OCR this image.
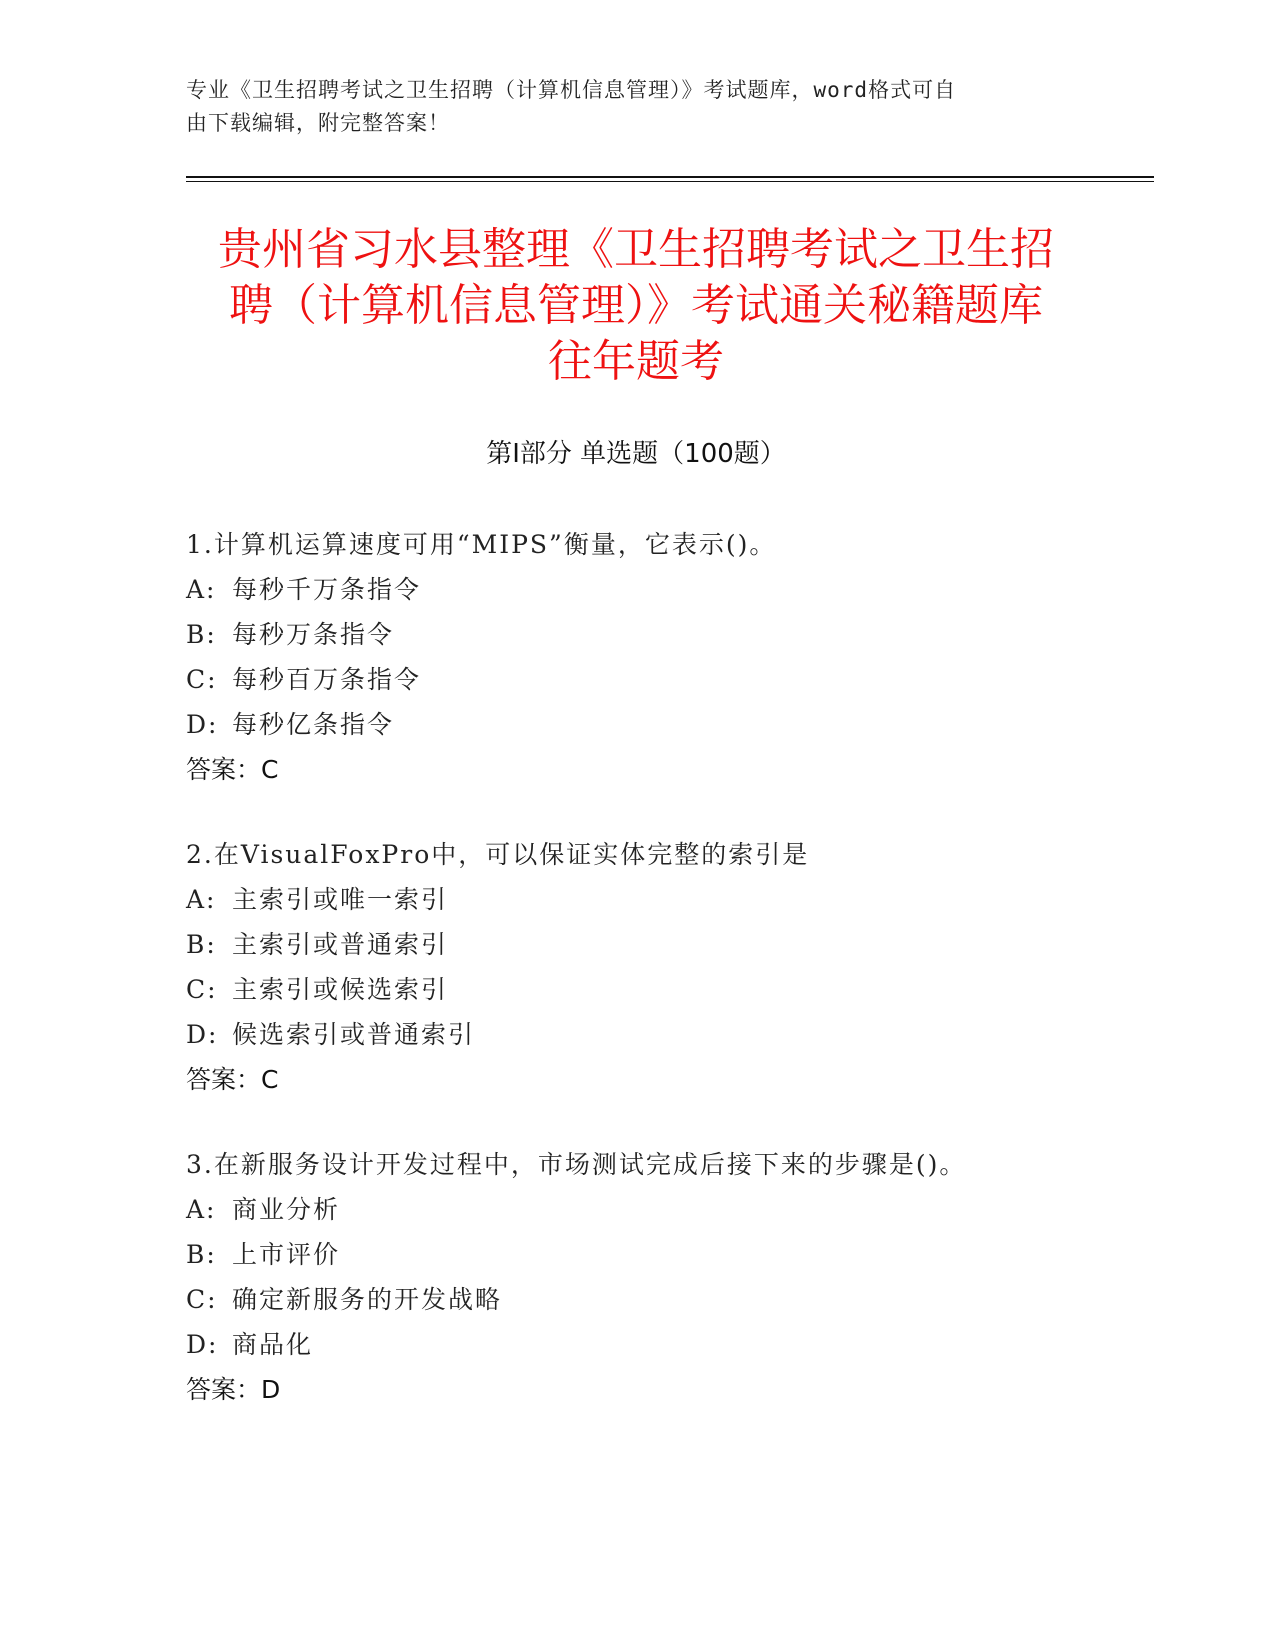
专业《卫生招聘考试之卫生招聘（计算机信息管理）》考试题库，word格式可自
由下载编辑，附完整答案！
贵州省习水县整理《卫生招聘考试之卫生招
聘（计算机信息管理）》考试通关秘籍题库
往年题考
第Ⅰ部分 单选题（100题）
1.计算机运算速度可用“MIPS”衡量，它表示()。
A: 每秒千万条指令
B: 每秒万条指令
C: 每秒百万条指令
D: 每秒亿条指令
答案：C
2.在VisualFoxPro中，可以保证实体完整的索引是
A: 主索引或唯一索引
B: 主索引或普通索引
C: 主索引或候选索引
D: 候选索引或普通索引
答案：C
3.在新服务设计开发过程中，市场测试完成后接下来的步骤是()。
A: 商业分析
B: 上市评价
C: 确定新服务的开发战略
D: 商品化
答案：D
